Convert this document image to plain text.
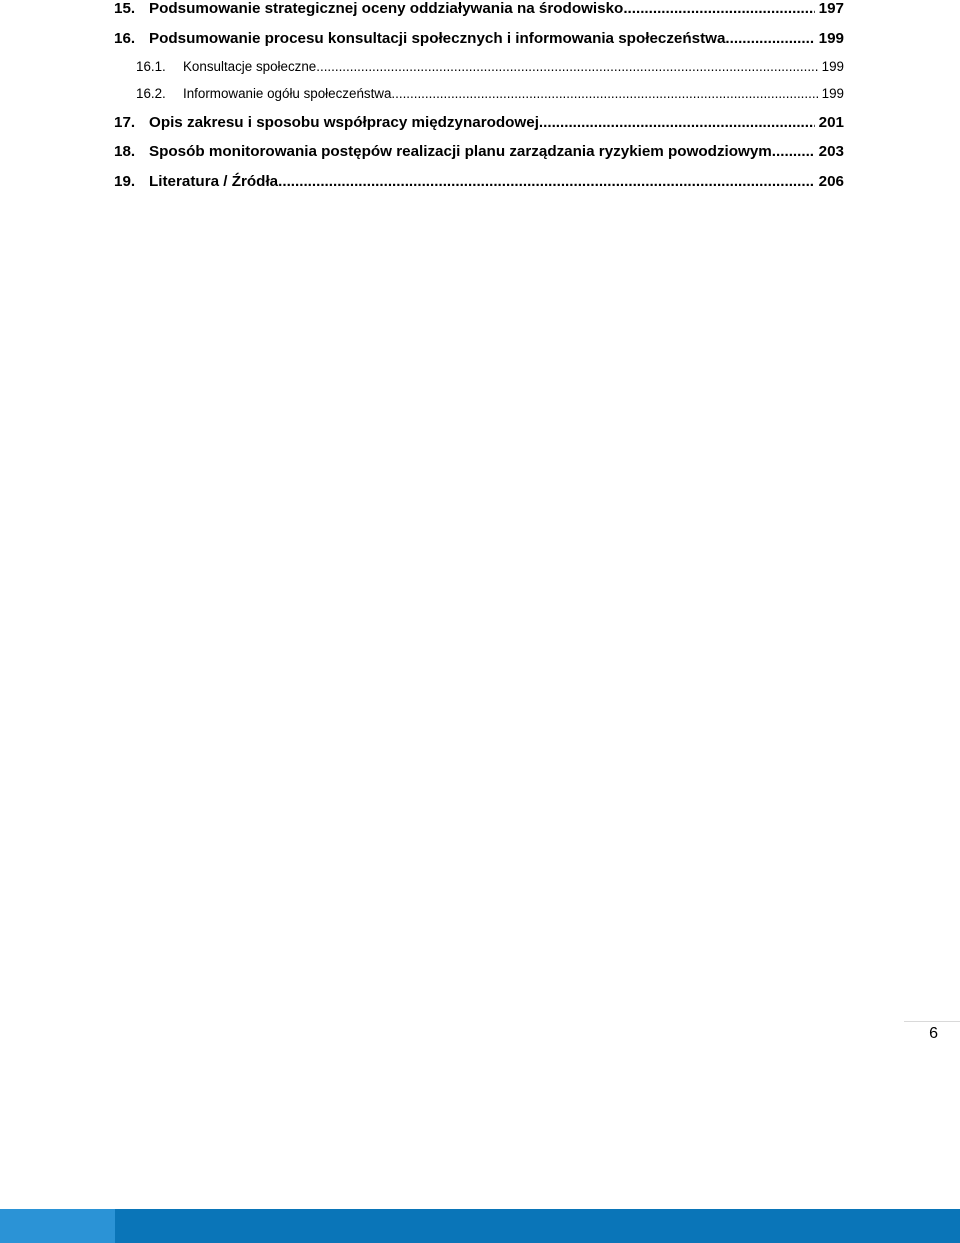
15. Podsumowanie strategicznej oceny oddziaływania na środowisko .....	197
16. Podsumowanie procesu konsultacji społecznych i informowania społeczeństwa .....	199
16.1.	Konsultacje społeczne .....	199
16.2.	Informowanie ogółu społeczeństwa .....	199
17. Opis zakresu i sposobu współpracy międzynarodowej .....	201
18. Sposób monitorowania postępów realizacji planu zarządzania ryzykiem powodziowym. .....	203
19. Literatura / Źródła .....	206
6
